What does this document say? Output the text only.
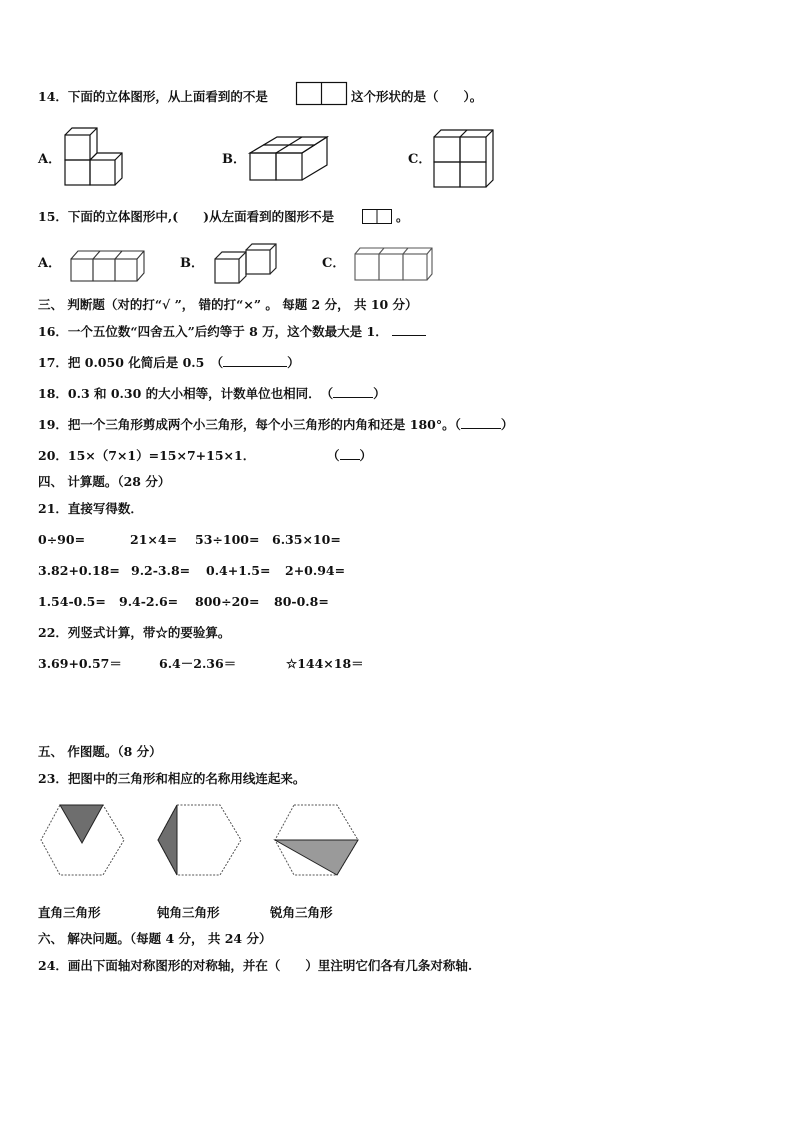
14．下面的立体图形，从上面看到的不是	这个形状的是（　　）。
A．	B．	C．
15．下面的立体图形中,(　　)从左面看到的图形不是	。
A．	B．	C．
三、 判断题（对的打“√ ”， 错的打“×” 。 每题 2 分， 共 10 分）
16．一个五位数“四舍五入”后约等于 8 万，这个数最大是 1．
17．把 0.050 化简后是 0.5　（	）
18．0.3 和 0.30 的大小相等，计数单位也相同．　（	）
19．把一个三角形剪成两个小三角形，每个小三角形的内角和还是 180°。（	）
20．15×（7×1）=15×7+15×1．	（ ）
四、 计算题。（28 分）
21．直接写得数．
0÷90=	21×4= 53÷100= 6.35×10=
3.82+0.18= 9.2-3.8= 0.4+1.5= 2+0.94=
1.54-0.5= 9.4-2.6= 800÷20= 80-0.8=
22．列竖式计算，带☆的要验算。
3.69+0.57＝	6.4－2.36＝	☆144×18＝
五、 作图题。（8 分）
23．把图中的三角形和相应的名称用线连起来。
直角三角形	钝角三角形	锐角三角形
六、 解决问题。（每题 4 分， 共 24 分）
24．画出下面轴对称图形的对称轴，并在（　　）里注明它们各有几条对称轴.
